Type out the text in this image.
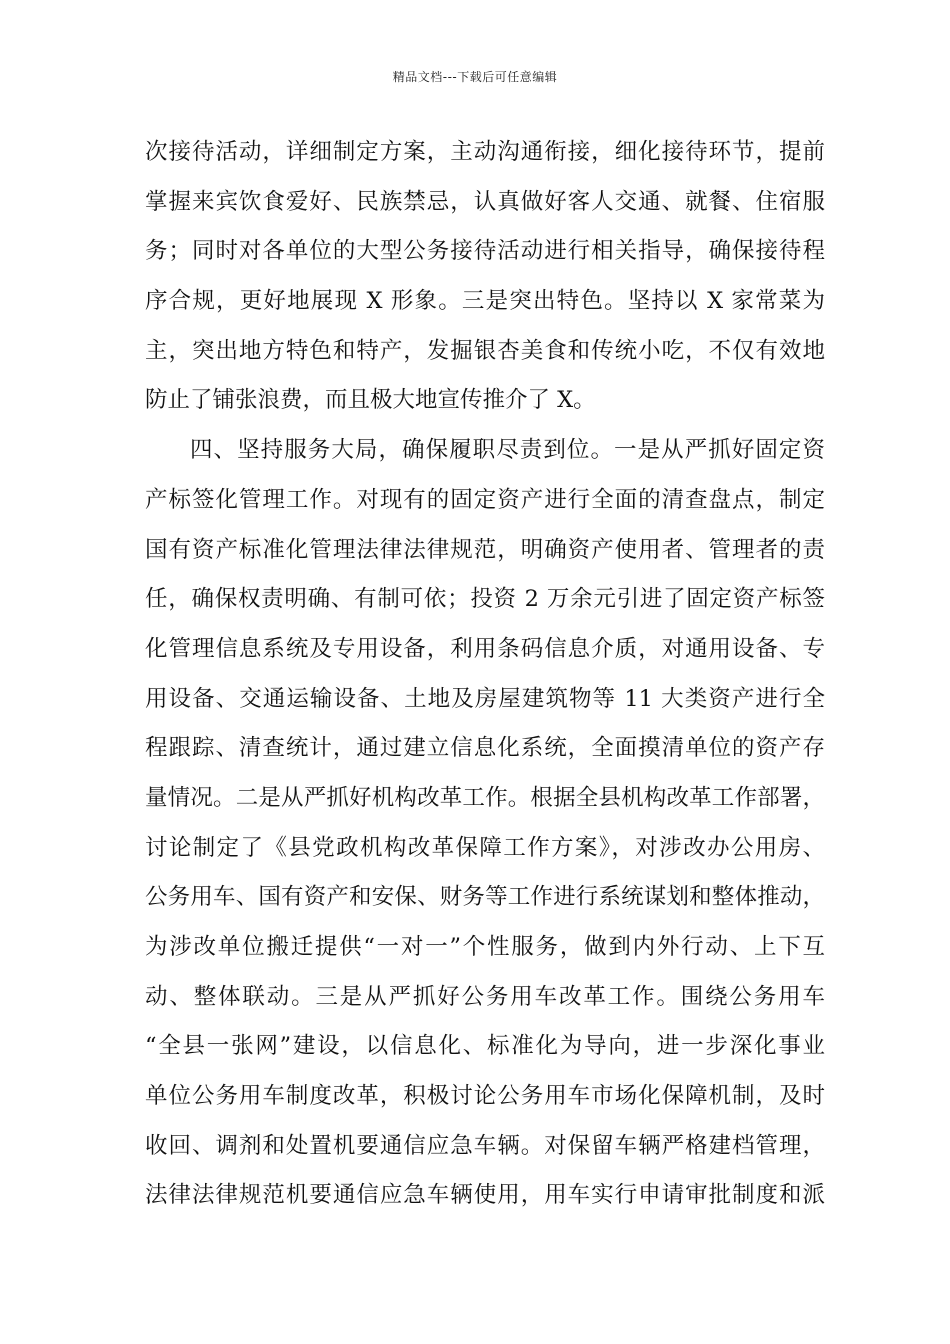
精品文档---下载后可任意编辑
次接待活动，详细制定方案，主动沟通衔接，细化接待环节，提前
掌握来宾饮食爱好、民族禁忌，认真做好客人交通、就餐、住宿服
务；同时对各单位的大型公务接待活动进行相关指导，确保接待程
序合规，更好地展现 X 形象。三是突出特色。坚持以 X 家常菜为
主，突出地方特色和特产，发掘银杏美食和传统小吃，不仅有效地
防止了铺张浪费，而且极大地宣传推介了 X。
四、坚持服务大局，确保履职尽责到位。一是从严抓好固定资
产标签化管理工作。对现有的固定资产进行全面的清查盘点，制定
国有资产标准化管理法律法律规范，明确资产使用者、管理者的责
任，确保权责明确、有制可依；投资 2 万余元引进了固定资产标签
化管理信息系统及专用设备，利用条码信息介质，对通用设备、专
用设备、交通运输设备、土地及房屋建筑物等 11 大类资产进行全
程跟踪、清查统计，通过建立信息化系统，全面摸清单位的资产存
量情况。二是从严抓好机构改革工作。根据全县机构改革工作部署，
讨论制定了《县党政机构改革保障工作方案》，对涉改办公用房、
公务用车、国有资产和安保、财务等工作进行系统谋划和整体推动，
为涉改单位搬迁提供“一对一”个性服务，做到内外行动、上下互
动、整体联动。三是从严抓好公务用车改革工作。围绕公务用车
“全县一张网”建设，以信息化、标准化为导向，进一步深化事业
单位公务用车制度改革，积极讨论公务用车市场化保障机制，及时
收回、调剂和处置机要通信应急车辆。对保留车辆严格建档管理，
法律法律规范机要通信应急车辆使用，用车实行申请审批制度和派
